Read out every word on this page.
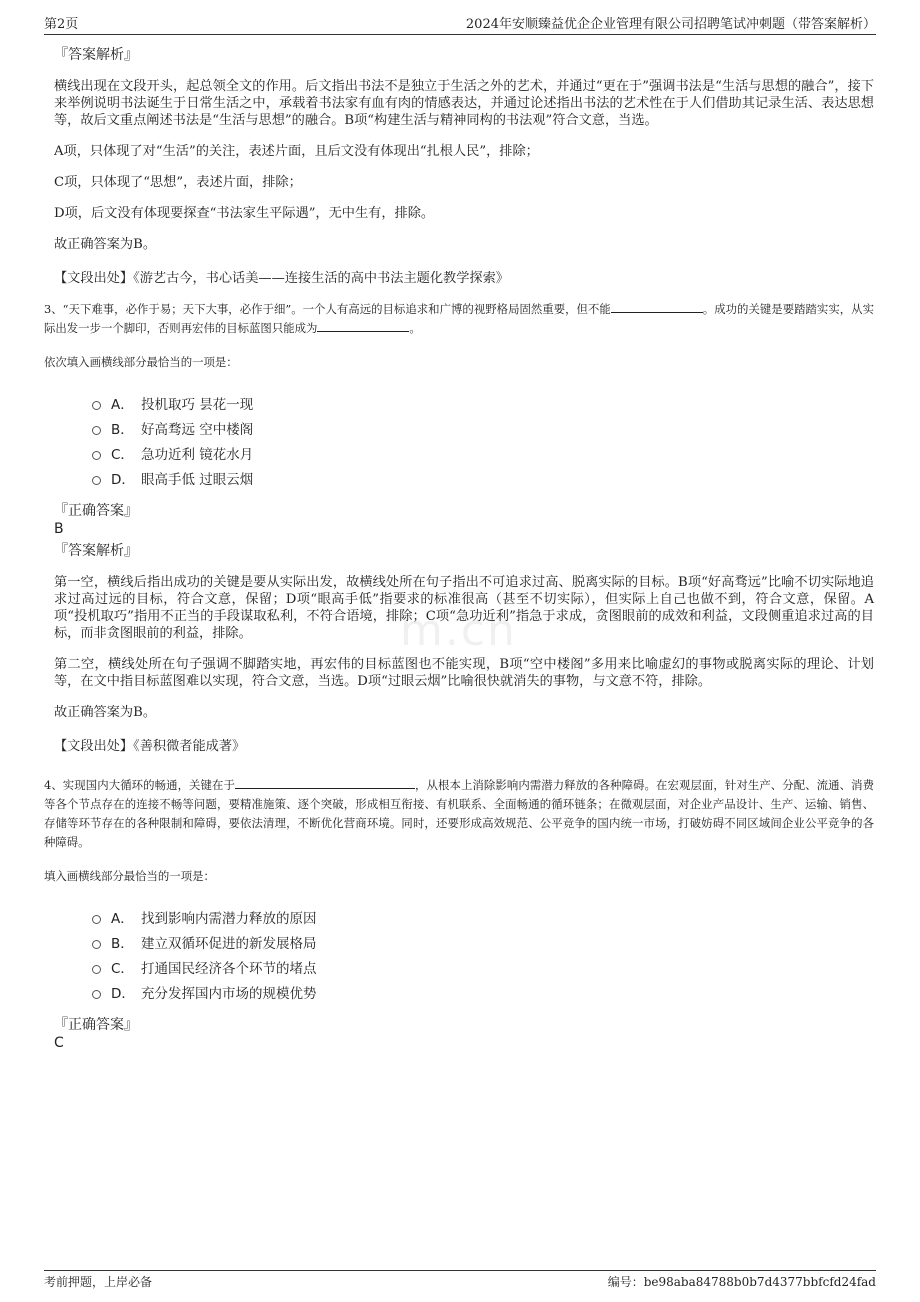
第2页	2024年安顺臻益优企企业管理有限公司招聘笔试冲刺题（带答案解析）
m.cn

『答案解析』

横线出现在文段开头，起总领全文的作用。后文指出书法不是独立于生活之外的艺术，并通过“更在于”强调书法是“生活与思想的融合”，接下来举例说明书法诞生于日常生活之中，承载着书法家有血有肉的情感表达，并通过论述指出书法的艺术性在于人们借助其记录生活、表达思想等，故后文重点阐述书法是“生活与思想”的融合。B项“构建生活与精神同构的书法观”符合文意，当选。

A项，只体现了对“生活”的关注，表述片面，且后文没有体现出“扎根人民”，排除；

C项，只体现了“思想”，表述片面，排除；

D项，后文没有体现要探查“书法家生平际遇”，无中生有，排除。

故正确答案为B。

【文段出处】《游艺古今，书心话美——连接生活的高中书法主题化教学探索》

3、“天下难事，必作于易；天下大事，必作于细”。一个人有高远的目标追求和广博的视野格局固然重要，但不能	。成功的关键是要踏踏实实，从实际出发一步一个脚印，否则再宏伟的目标蓝图只能成为	。

依次填入画横线部分最恰当的一项是：

A． 投机取巧 昙花一现
B． 好高骛远 空中楼阁
C． 急功近利 镜花水月
D． 眼高手低 过眼云烟

『正确答案』

B

『答案解析』

第一空，横线后指出成功的关键是要从实际出发，故横线处所在句子指出不可追求过高、脱离实际的目标。B项“好高骛远”比喻不切实际地追求过高过远的目标，符合文意，保留；D项“眼高手低”指要求的标准很高（甚至不切实际），但实际上自己也做不到，符合文意，保留。A项“投机取巧”指用不正当的手段谋取私利，不符合语境，排除；C项“急功近利”指急于求成，贪图眼前的成效和利益，文段侧重追求过高的目标，而非贪图眼前的利益，排除。

第二空，横线处所在句子强调不脚踏实地，再宏伟的目标蓝图也不能实现，B项“空中楼阁”多用来比喻虚幻的事物或脱离实际的理论、计划等，在文中指目标蓝图难以实现，符合文意，当选。D项“过眼云烟”比喻很快就消失的事物，与文意不符，排除。

故正确答案为B。

【文段出处】《善积微者能成著》

4、实现国内大循环的畅通，关键在于	，从根本上消除影响内需潜力释放的各种障碍。在宏观层面，针对生产、分配、流通、消费等各个节点存在的连接不畅等问题，要精准施策、逐个突破，形成相互衔接、有机联系、全面畅通的循环链条；在微观层面，对企业产品设计、生产、运输、销售、存储等环节存在的各种限制和障碍，要依法清理，不断优化营商环境。同时，还要形成高效规范、公平竞争的国内统一市场，打破妨碍不同区域间企业公平竞争的各种障碍。

填入画横线部分最恰当的一项是：

A． 找到影响内需潜力释放的原因
B． 建立双循环促进的新发展格局
C． 打通国民经济各个环节的堵点
D． 充分发挥国内市场的规模优势

『正确答案』

C

考前押题，上岸必备	编号：be98aba84788b0b7d4377bbfcfd24fad
